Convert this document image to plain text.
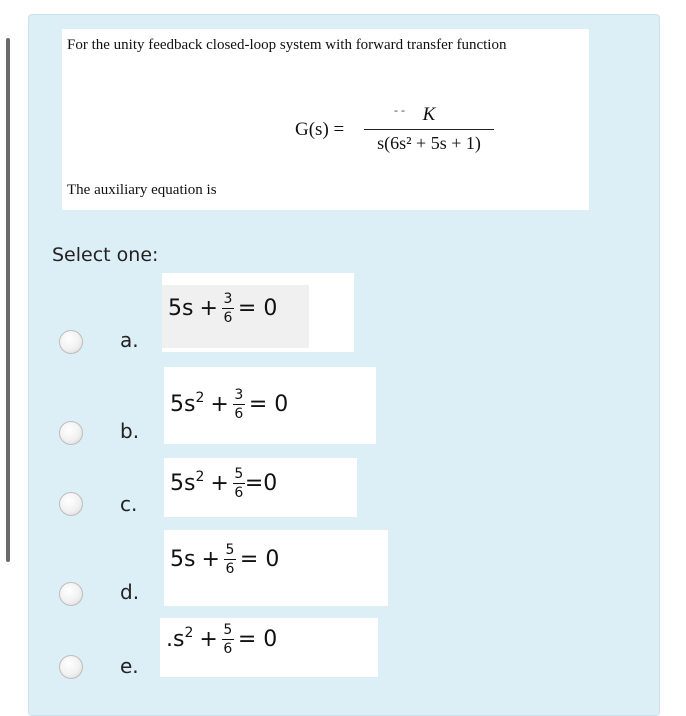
For the unity feedback closed-loop system with forward transfer function
- -
G(s) =
K
s(6s² + 5s + 1)
The auxiliary equation is
Select one:
a.
$5s + \frac{3}{6} = 0$
b.
$5s^2 + \frac{3}{6} = 0$
c.
$5s^2 + \frac{5}{6} =0$
d.
$5s + \frac{5}{6} = 0$
e.
$.s^2 + \frac{5}{6} = 0$
